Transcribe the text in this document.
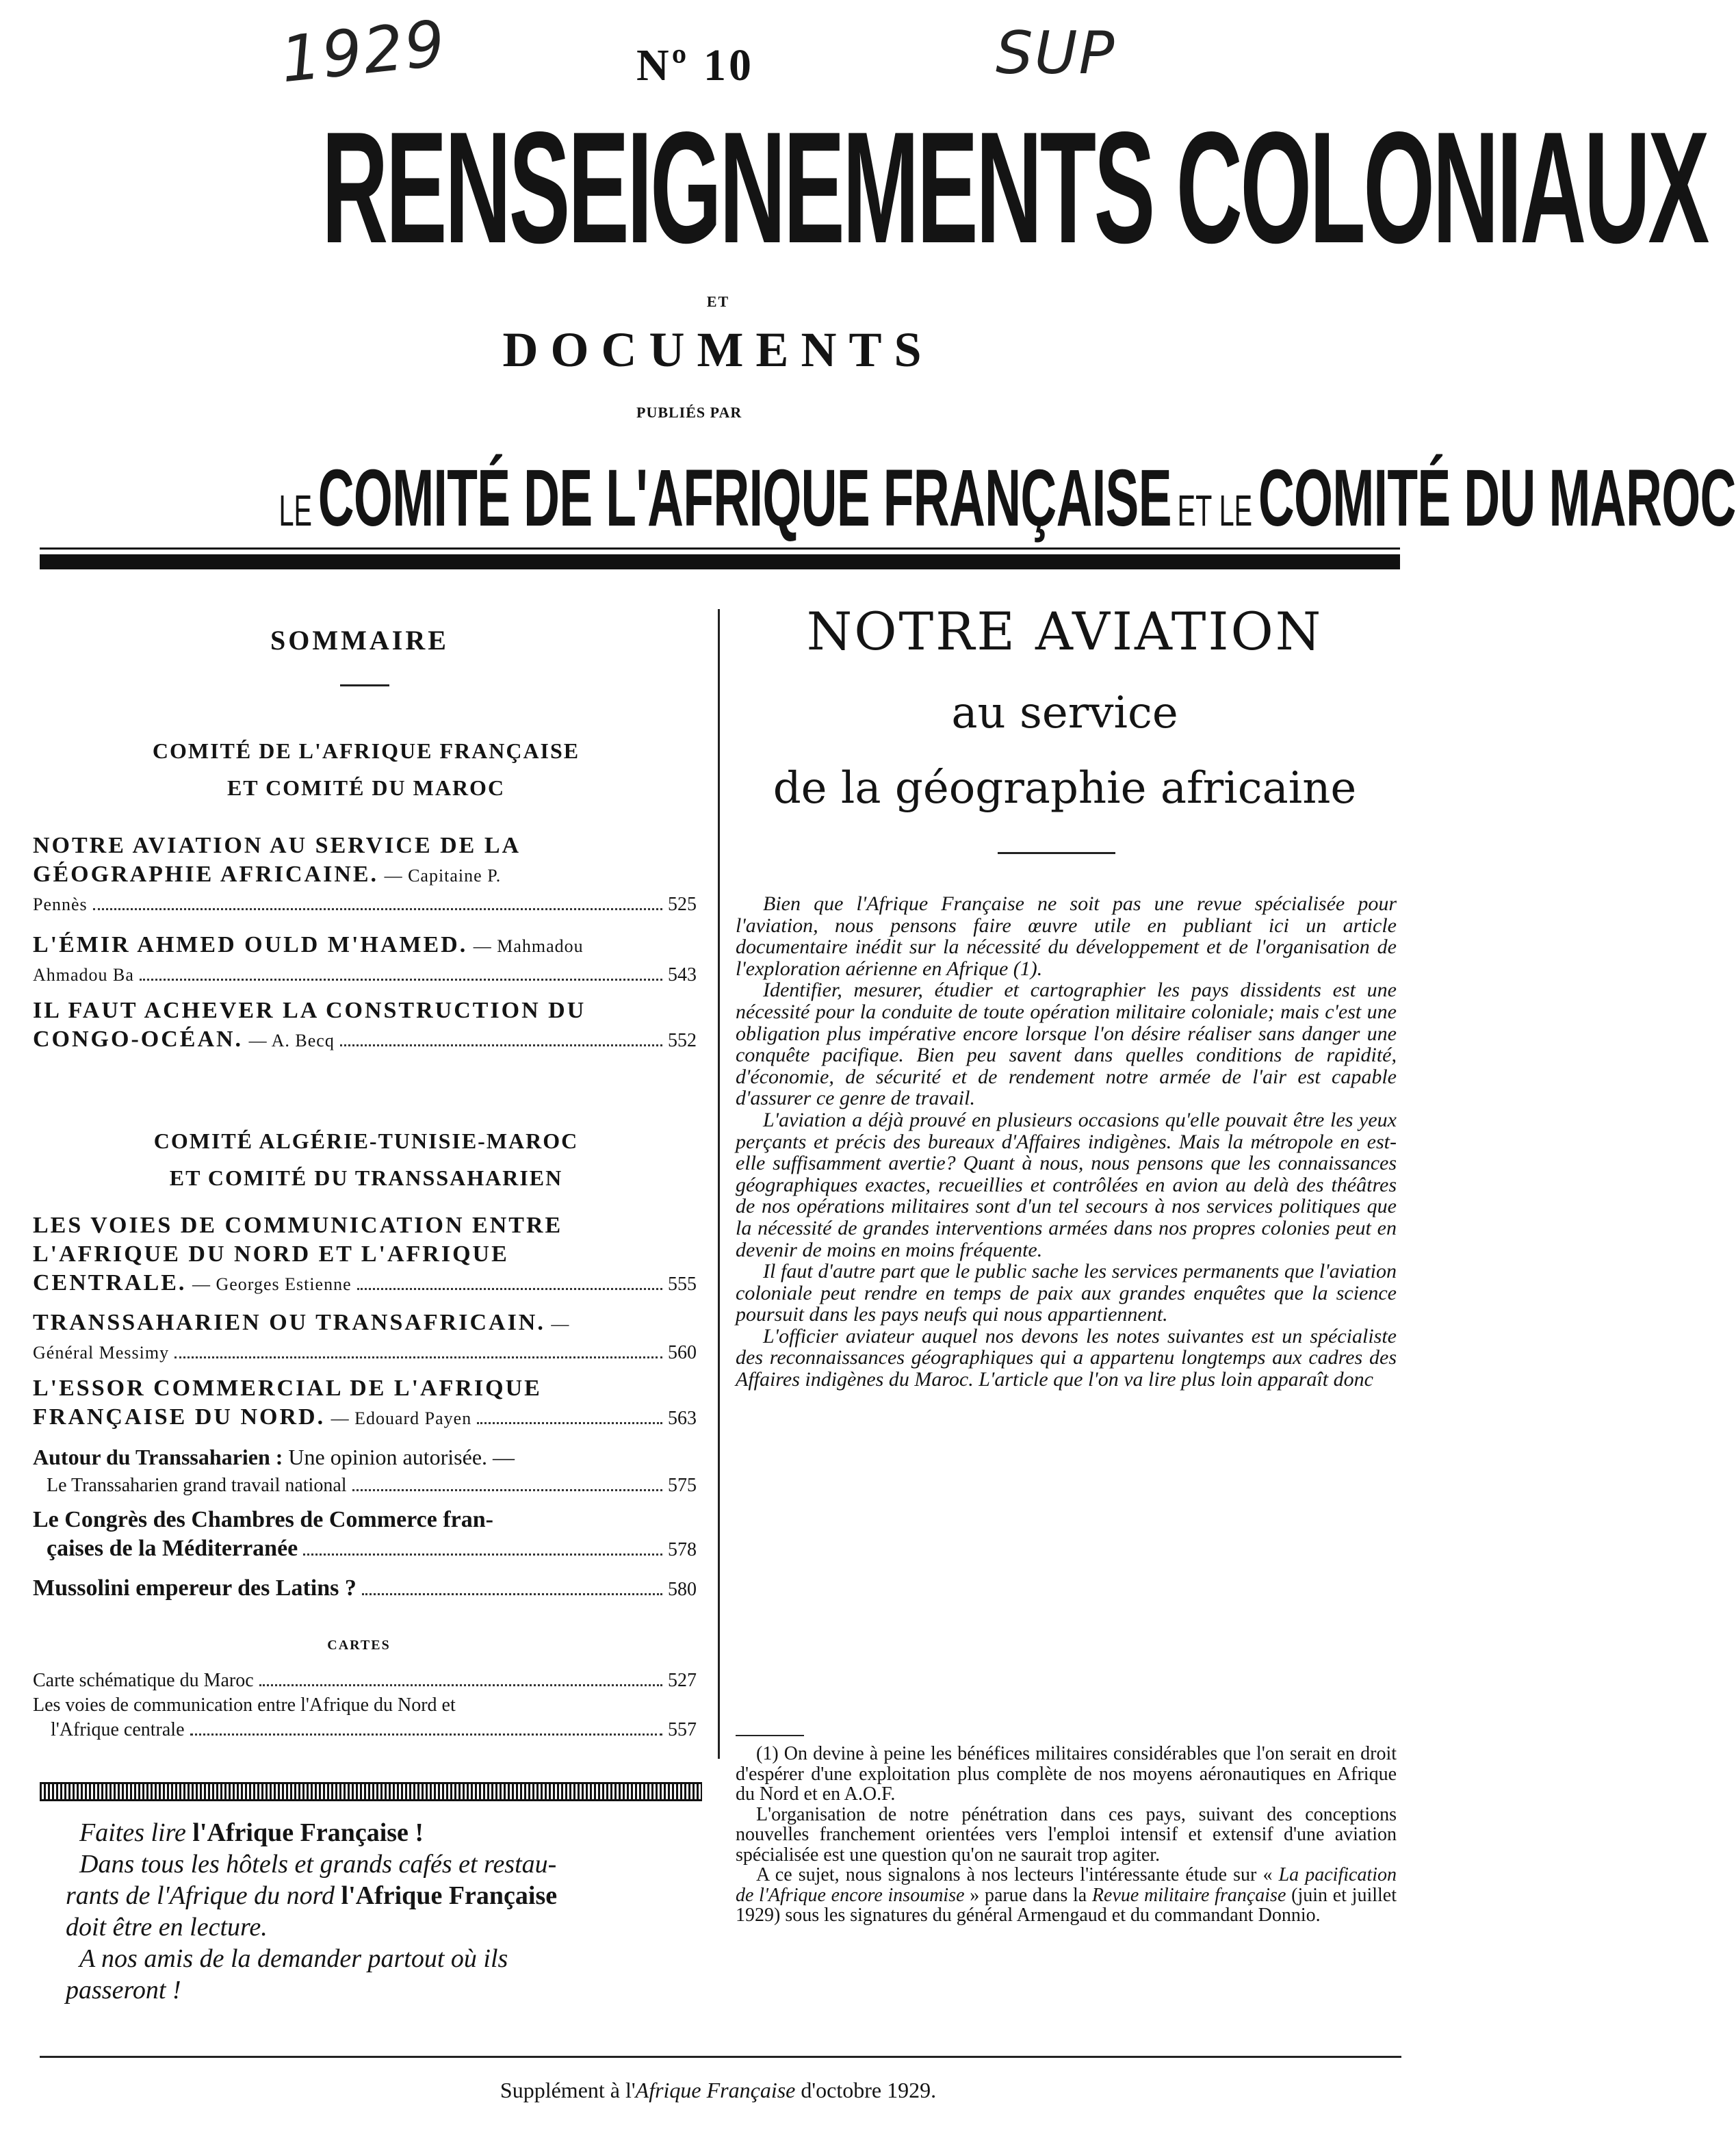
1929	SUP
Nº 10
RENSEIGNEMENTS COLONIAUX
ET
DOCUMENTS
PUBLIÉS PAR
LECOMITÉ DE L'AFRIQUE FRANÇAISE ET LECOMITÉ DU MAROC
SOMMAIRE
COMITÉ DE L'AFRIQUE FRANÇAISE
ET COMITÉ DU MAROC
NOTRE AVIATION AU SERVICE DE LA GÉOGRAPHIE AFRICAINE. — Capitaine P.
Pennès	525
L'ÉMIR AHMED OULD M'HAMED. — Mahmadou
Ahmadou Ba	543
IL FAUT ACHEVER LA CONSTRUCTION DU
CONGO-OCÉAN.
— A. Becq	552
COMITÉ ALGÉRIE-TUNISIE-MAROC
ET COMITÉ DU TRANSSAHARIEN
LES VOIES DE COMMUNICATION ENTRE L'AFRIQUE DU NORD ET L'AFRIQUE
CENTRALE.
— Georges Estienne	555
TRANSSAHARIEN OU TRANSAFRICAIN. —
Général Messimy	560
L'ESSOR COMMERCIAL DE L'AFRIQUE
FRANÇAISE DU NORD.
— Edouard Payen	563
Autour du Transsaharien : Une opinion autorisée. —
Le Transsaharien grand travail national	575
Le Congrès des Chambres de Commerce fran-
çaises de la Méditerranée	578
Mussolini empereur des Latins ?	580
CARTES
Carte schématique du Maroc	527
Les voies de communication entre l'Afrique du Nord et
l'Afrique centrale	557
Faites lire l'Afrique Française !
Dans tous les hôtels et grands cafés et restau-
rants de l'Afrique du nord l'Afrique Française
doit être en lecture.
A nos amis de la demander partout où ils
passeront !
NOTRE AVIATION
au service
de la géographie africaine

Bien que l'Afrique Française ne soit pas une revue spécialisée pour l'aviation, nous pensons faire œuvre utile en publiant ici un article documentaire inédit sur la nécessité du développement et de l'organisation de l'exploration aérienne en Afrique (1).

Identifier, mesurer, étudier et cartographier les pays dissidents est une nécessité pour la conduite de toute opération militaire coloniale; mais c'est une obligation plus impérative encore lorsque l'on désire réaliser sans danger une conquête pacifique. Bien peu savent dans quelles conditions de rapidité, d'économie, de sécurité et de rendement notre armée de l'air est capable d'assurer ce genre de travail.

L'aviation a déjà prouvé en plusieurs occasions qu'elle pouvait être les yeux perçants et précis des bureaux d'Affaires indigènes. Mais la métropole en est-elle suffisamment avertie? Quant à nous, nous pensons que les connaissances géographiques exactes, recueillies et contrôlées en avion au delà des théâtres de nos opérations militaires sont d'un tel secours à nos services politiques que la nécessité de grandes interventions armées dans nos propres colonies peut en devenir de moins en moins fréquente.

Il faut d'autre part que le public sache les services permanents que l'aviation coloniale peut rendre en temps de paix aux grandes enquêtes que la science poursuit dans les pays neufs qui nous appartiennent.

L'officier aviateur auquel nos devons les notes suivantes est un spécialiste des reconnaissances géographiques qui a appartenu longtemps aux cadres des Affaires indigènes du Maroc. L'article que l'on va lire plus loin apparaît donc

(1) On devine à peine les bénéfices militaires considérables que l'on serait en droit d'espérer d'une exploitation plus complète de nos moyens aéronautiques en Afrique du Nord et en A.O.F.

L'organisation de notre pénétration dans ces pays, suivant des conceptions nouvelles franchement orientées vers l'emploi intensif et extensif d'une aviation spécialisée est une question qu'on ne saurait trop agiter.

A ce sujet, nous signalons à nos lecteurs l'intéressante étude sur « La pacification de l'Afrique encore insoumise » parue dans la Revue militaire française (juin et juillet 1929) sous les signatures du général Armengaud et du commandant Donnio.

Supplément à l'Afrique Française d'octobre 1929.
